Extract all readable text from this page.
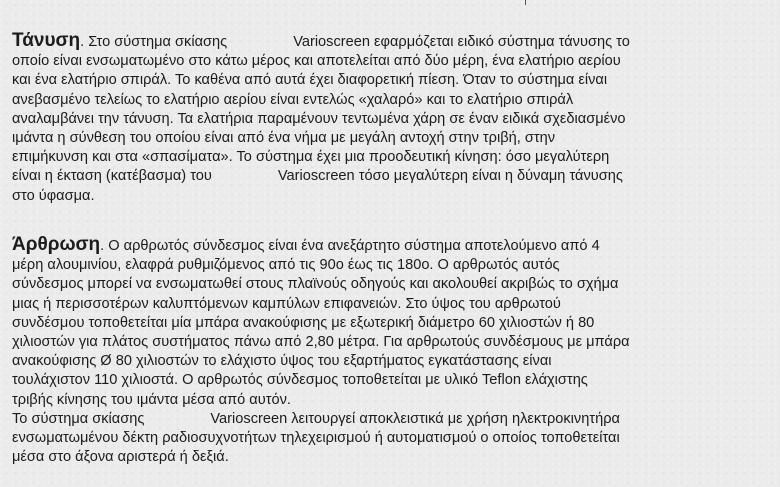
Τάνυση. Στο σύστημα σκίασης	Varioscreen εφαρμόζεται ειδικό σύστημα τάνυσης το
οποίο είναι ενσωματωμένο στο κάτω μέρος και αποτελείται από δύο μέρη, ένα ελατήριο αερίου
και ένα ελατήριο σπιράλ. Το καθένα από αυτά έχει διαφορετική πίεση. Όταν το σύστημα είναι
ανεβασμένο τελείως το ελατήριο αερίου είναι εντελώς «χαλαρό» και το ελατήριο σπιράλ
αναλαμβάνει την τάνυση. Τα ελατήρια παραμένουν τεντωμένα χάρη σε έναν ειδικά σχεδιασμένο
ιμάντα η σύνθεση του οποίου είναι από ένα νήμα με μεγάλη αντοχή στην τριβή, στην
επιμήκυνση και στα «σπασίματα». Το σύστημα έχει μια προοδευτική κίνηση: όσο μεγαλύτερη
είναι η έκταση (κατέβασμα) του	Varioscreen τόσο μεγαλύτερη είναι η δύναμη τάνυσης
στο ύφασμα.
Άρθρωση. Ο αρθρωτός σύνδεσμος είναι ένα ανεξάρτητο σύστημα αποτελούμενο από 4
μέρη αλουμινίου, ελαφρά ρυθμιζόμενος από τις 90ο έως τις 180ο. Ο αρθρωτός αυτός
σύνδεσμος μπορεί να ενσωματωθεί στους πλαϊνούς οδηγούς και ακολουθεί ακριβώς το σχήμα
μιας ή περισσοτέρων καλυπτόμενων καμπύλων επιφανειών. Στο ύψος του αρθρωτού
συνδέσμου τοποθετείται μία μπάρα ανακούφισης με εξωτερική διάμετρο 60 χιλιοστών ή 80
χιλιοστών για πλάτος συστήματος πάνω από 2,80 μέτρα. Για αρθρωτούς συνδέσμους με μπάρα
ανακούφισης Ø 80 χιλιοστών το ελάχιστο ύψος του εξαρτήματος εγκατάστασης είναι
τουλάχιστον 110 χιλιοστά. Ο αρθρωτός σύνδεσμος τοποθετείται με υλικό Teflon ελάχιστης
τριβής κίνησης του ιμάντα μέσα από αυτόν.
Το σύστημα σκίασης	Varioscreen λειτουργεί αποκλειστικά με χρήση ηλεκτροκινητήρα
ενσωματωμένου δέκτη ραδιοσυχνοτήτων τηλεχειρισμού ή αυτοματισμού ο οποίος τοποθετείται
μέσα στο άξονα αριστερά ή δεξιά.
